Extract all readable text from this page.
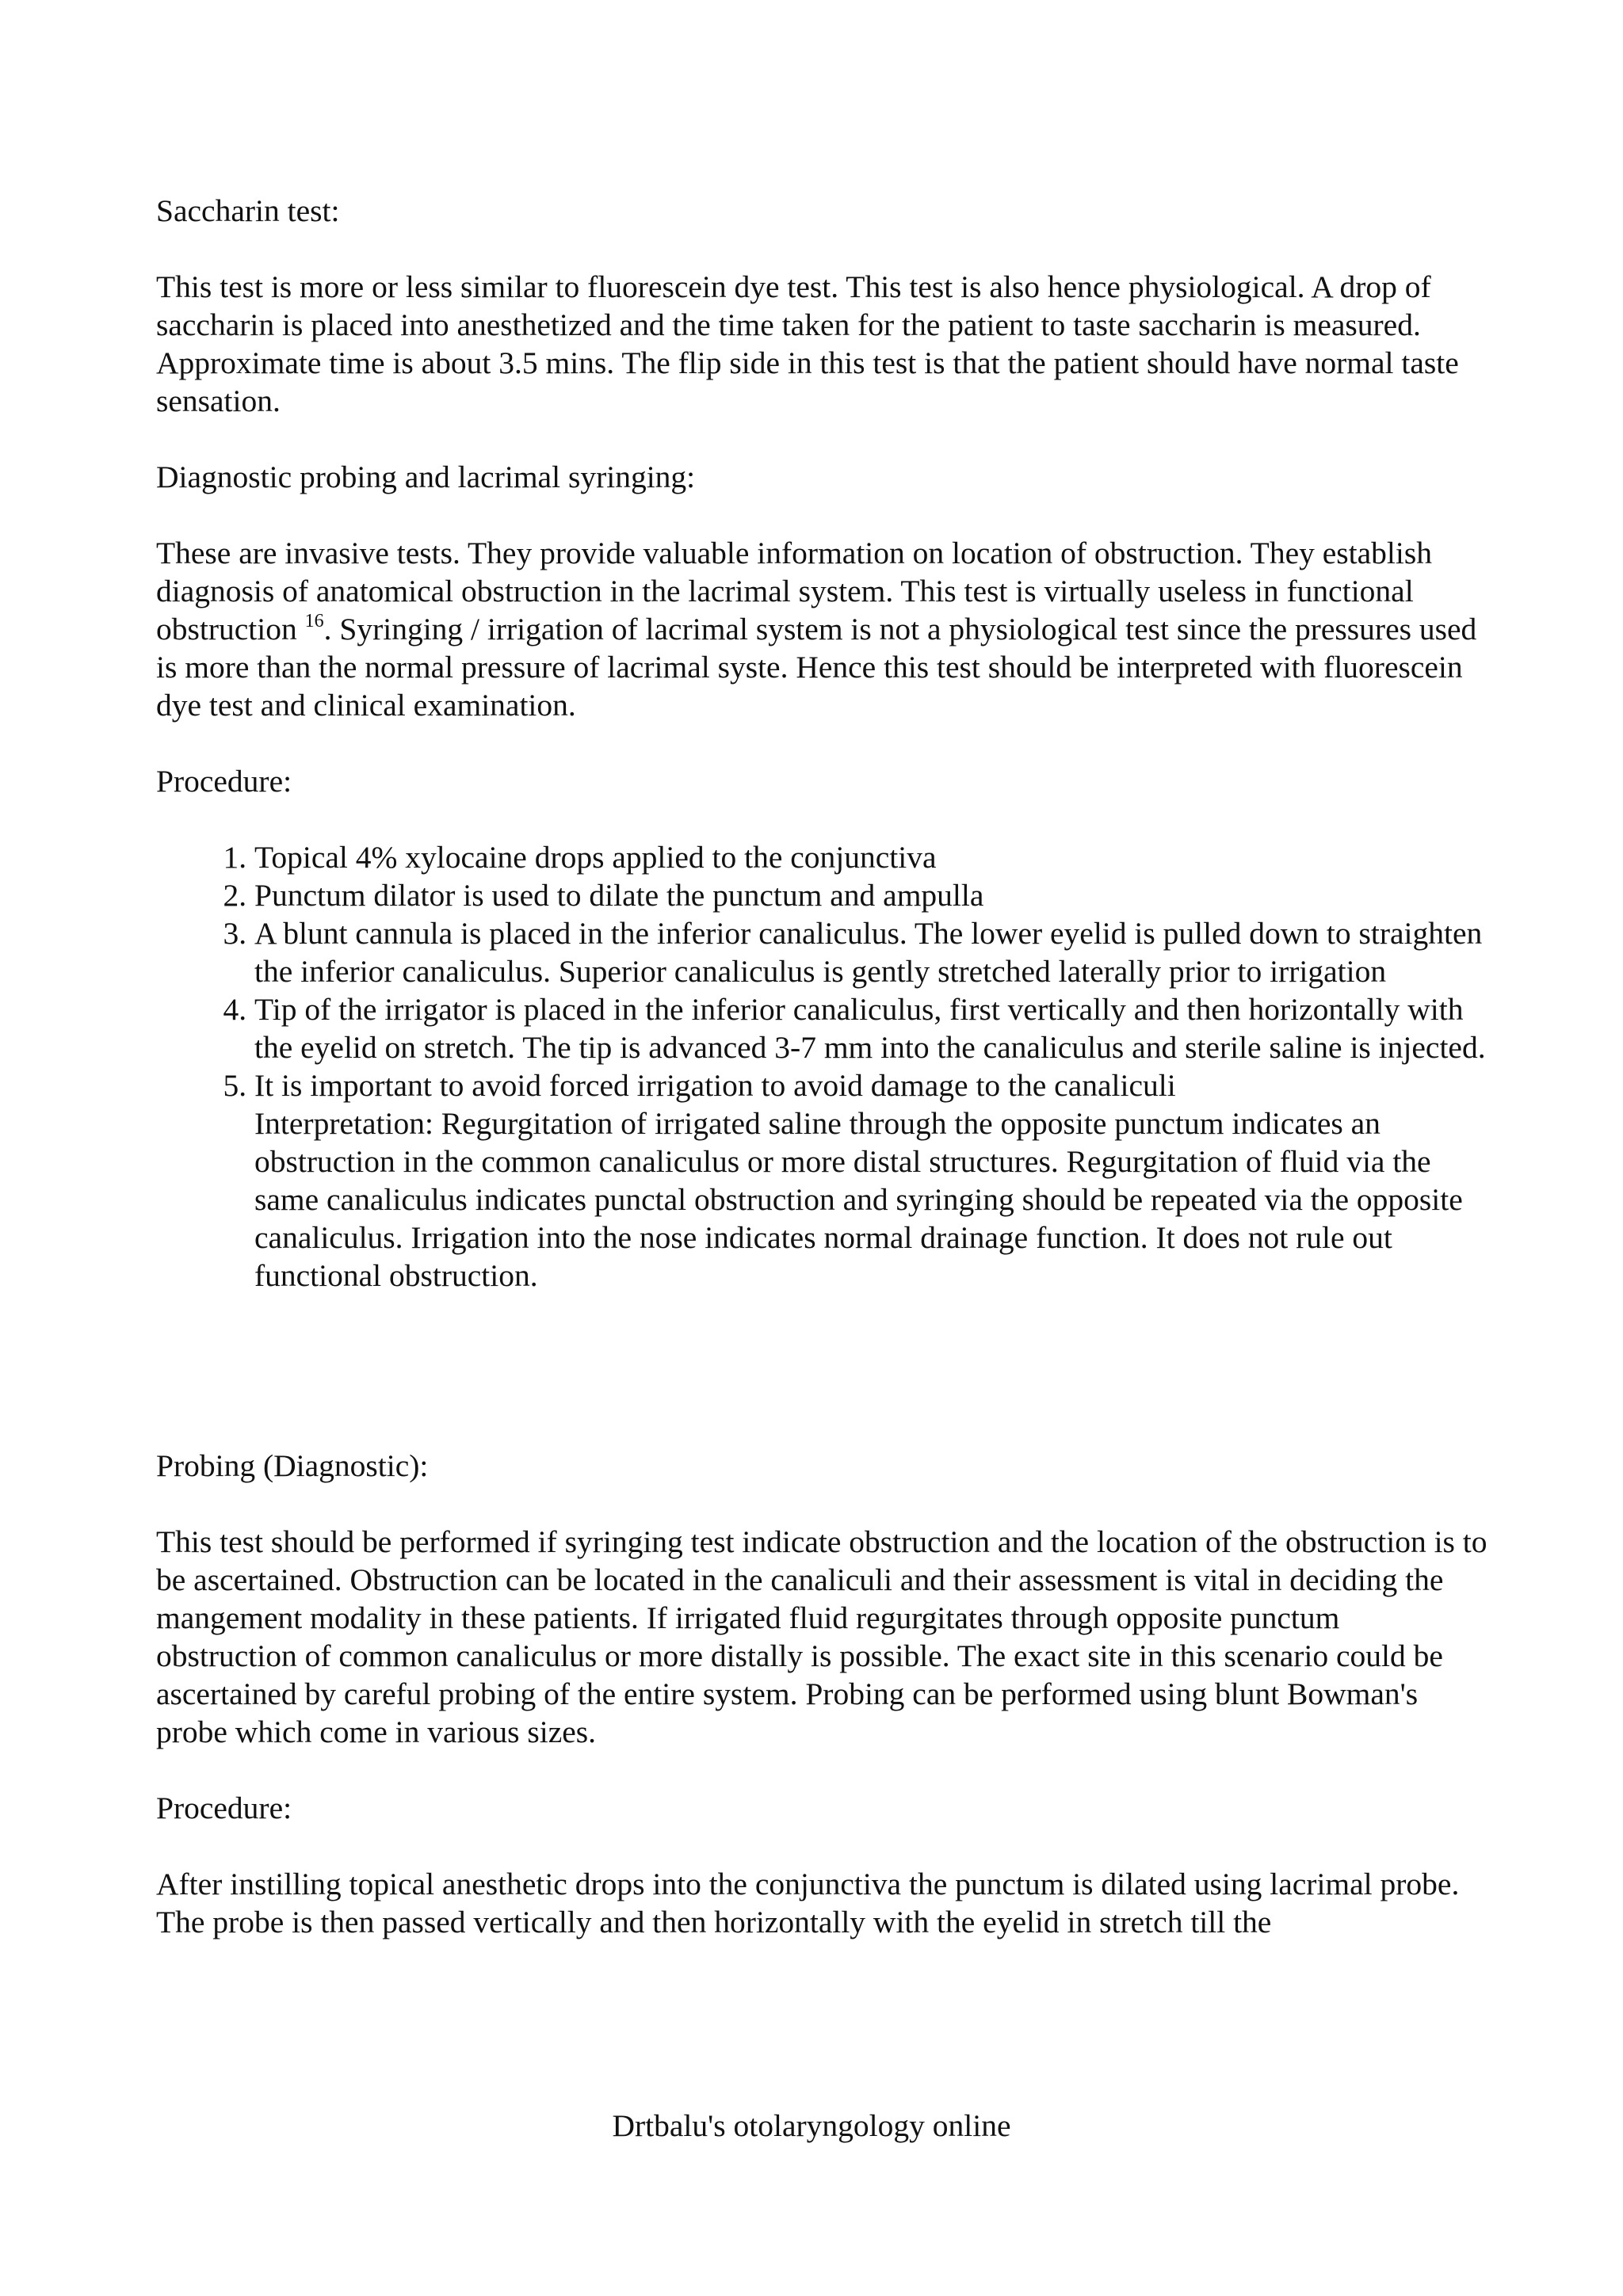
Saccharin test:
This test is more or less similar to fluorescein dye test. This test is also hence physiological. A drop of saccharin is placed into anesthetized and the time taken for the patient to taste saccharin is measured. Approximate time is about 3.5 mins. The flip side in this test is that the patient should have normal taste sensation.
Diagnostic probing and lacrimal syringing:
These are invasive tests. They provide valuable information on location of obstruction. They establish diagnosis of anatomical obstruction in the lacrimal system. This test is virtually useless in functional obstruction $^{16}$. Syringing / irrigation of lacrimal system is not a physiological test since the pressures used is more than the normal pressure of lacrimal syste. Hence this test should be interpreted with fluorescein dye test and clinical examination.
Procedure:
1. Topical 4% xylocaine drops applied to the conjunctiva
2. Punctum dilator is used to dilate the punctum and ampulla
3. A blunt cannula is placed in the inferior canaliculus. The lower eyelid is pulled down to straighten the inferior canaliculus. Superior canaliculus is gently stretched laterally prior to irrigation
4. Tip of the irrigator is placed in the inferior canaliculus, first vertically and then horizontally with the eyelid on stretch. The tip is advanced 3-7 mm into the canaliculus and sterile saline is injected.
5. It is important to avoid forced irrigation to avoid damage to the canaliculi
Interpretation: Regurgitation of irrigated saline through the opposite punctum indicates an obstruction in the common canaliculus or more distal structures. Regurgitation of fluid via the same canaliculus indicates punctal obstruction and syringing should be repeated via the opposite canaliculus. Irrigation into the nose indicates normal drainage function. It does not rule out functional obstruction.
Probing (Diagnostic):
This test should be performed if syringing test indicate obstruction and the location of the obstruction is to be ascertained. Obstruction can be located in the canaliculi and their assessment is vital in deciding the mangement modality in these patients. If irrigated fluid regurgitates through opposite punctum obstruction of common canaliculus or more distally is possible. The exact site in this scenario could be ascertained by careful probing of the entire system. Probing can be performed using blunt Bowman's probe which come in various sizes.
Procedure:
After instilling topical anesthetic drops into the conjunctiva the punctum is dilated using lacrimal probe. The probe is then passed vertically and then horizontally with the eyelid in stretch till the
Drtbalu's otolaryngology online
